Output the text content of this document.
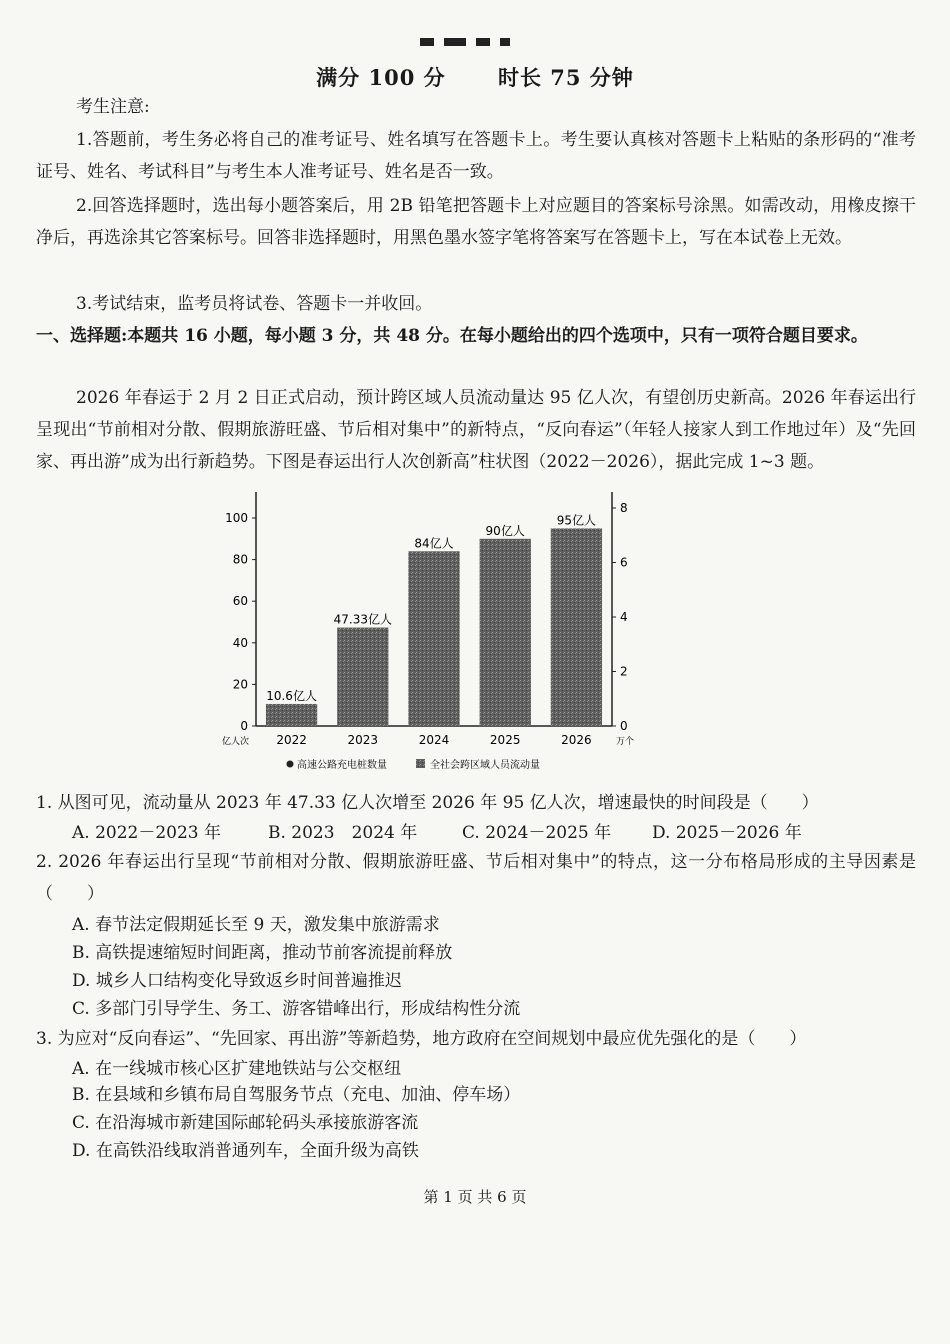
满分 100 分 时长 75 分钟
考生注意:
1.答题前，考生务必将自己的准考证号、姓名填写在答题卡上。考生要认真核对答题卡上粘贴的条形码的“准考证号、姓名、考试科目”与考生本人准考证号、姓名是否一致。
2.回答选择题时，选出每小题答案后，用 2B 铅笔把答题卡上对应题目的答案标号涂黑。如需改动，用橡皮擦干净后，再选涂其它答案标号。回答非选择题时，用黑色墨水签字笔将答案写在答题卡上，写在本试卷上无效。
3.考试结束，监考员将试卷、答题卡一并收回。
一、选择题:本题共 16 小题，每小题 3 分，共 48 分。在每小题给出的四个选项中，只有一项符合题目要求。
2026 年春运于 2 月 2 日正式启动，预计跨区域人员流动量达 95 亿人次，有望创历史新高。2026 年春运出行呈现出“节前相对分散、假期旅游旺盛、节后相对集中”的新特点，“反向春运”（年轻人接家人到工作地过年）及“先回家、再出游”成为出行新趋势。下图是春运出行人次创新高”柱状图（2022－2026），据此完成 1~3 题。
0
20
40
60
80
100
0
2
4
6
8
10.6亿人
47.33亿人
84亿人
90亿人
95亿人
2022	2023	2024	2025	2026
亿人次	万个
高速公路充电桩数量	全社会跨区域人员流动量
1. 从图可见，流动量从 2023 年 47.33 亿人次增至 2026 年 95 亿人次，增速最快的时间段是（　　）
A. 2022－2023 年	B. 2023　2024 年	C. 2024－2025 年 D. 2025－2026 年
2. 2026 年春运出行呈现“节前相对分散、假期旅游旺盛、节后相对集中”的特点，这一分布格局形成的主导因素是（　　）
A. 春节法定假期延长至 9 天，激发集中旅游需求
B. 高铁提速缩短时间距离，推动节前客流提前释放
D. 城乡人口结构变化导致返乡时间普遍推迟
C. 多部门引导学生、务工、游客错峰出行，形成结构性分流
3. 为应对“反向春运”、“先回家、再出游”等新趋势，地方政府在空间规划中最应优先强化的是（　　）
A. 在一线城市核心区扩建地铁站与公交枢纽
B. 在县域和乡镇布局自驾服务节点（充电、加油、停车场）
C. 在沿海城市新建国际邮轮码头承接旅游客流
D. 在高铁沿线取消普通列车，全面升级为高铁
第 1 页 共 6 页
